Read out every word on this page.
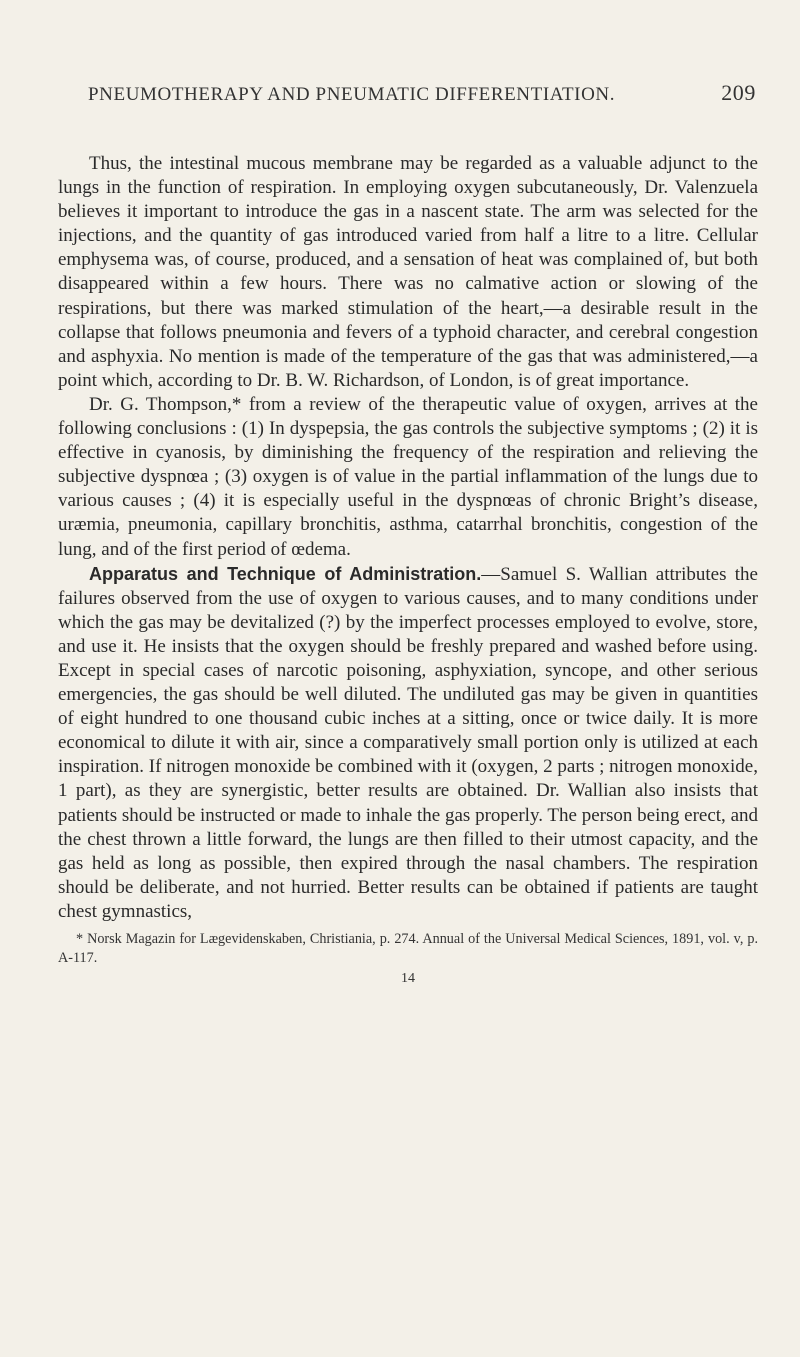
PNEUMOTHERAPY AND PNEUMATIC DIFFERENTIATION.	209

Thus, the intestinal mucous membrane may be regarded as a valuable adjunct to the lungs in the function of respiration. In employing oxygen subcutaneously, Dr. Valenzuela believes it important to introduce the gas in a nascent state. The arm was selected for the injections, and the quantity of gas introduced varied from half a litre to a litre. Cellular emphysema was, of course, produced, and a sensation of heat was complained of, but both disappeared within a few hours. There was no calmative action or slowing of the respirations, but there was marked stimulation of the heart,—a desirable result in the collapse that follows pneumonia and fevers of a typhoid character, and cerebral congestion and asphyxia. No mention is made of the temperature of the gas that was administered,—a point which, according to Dr. B. W. Richardson, of London, is of great importance.

Dr. G. Thompson,* from a review of the therapeutic value of oxygen, arrives at the following conclusions : (1) In dyspepsia, the gas controls the subjective symptoms ; (2) it is effective in cyanosis, by diminishing the frequency of the respiration and relieving the subjective dyspnœa ; (3) oxygen is of value in the partial inflammation of the lungs due to various causes ; (4) it is especially useful in the dyspnœas of chronic Bright’s disease, uræmia, pneumonia, capillary bronchitis, asthma, catarrhal bronchitis, congestion of the lung, and of the first period of œdema.

Apparatus and Technique of Administration.—Samuel S. Wallian attributes the failures observed from the use of oxygen to various causes, and to many conditions under which the gas may be devitalized (?) by the imperfect processes employed to evolve, store, and use it. He insists that the oxygen should be freshly prepared and washed before using. Except in special cases of narcotic poisoning, asphyxiation, syncope, and other serious emergencies, the gas should be well diluted. The undiluted gas may be given in quantities of eight hundred to one thousand cubic inches at a sitting, once or twice daily. It is more economical to dilute it with air, since a comparatively small portion only is utilized at each inspiration. If nitrogen monoxide be combined with it (oxygen, 2 parts ; nitrogen monoxide, 1 part), as they are synergistic, better results are obtained. Dr. Wallian also insists that patients should be instructed or made to inhale the gas properly. The person being erect, and the chest thrown a little forward, the lungs are then filled to their utmost capacity, and the gas held as long as possible, then expired through the nasal chambers. The respiration should be deliberate, and not hurried. Better results can be obtained if patients are taught chest gymnastics,

* Norsk Magazin for Lægevidenskaben, Christiania, p. 274. Annual of the Universal Medical Sciences, 1891, vol. v, p. A-117.
14
